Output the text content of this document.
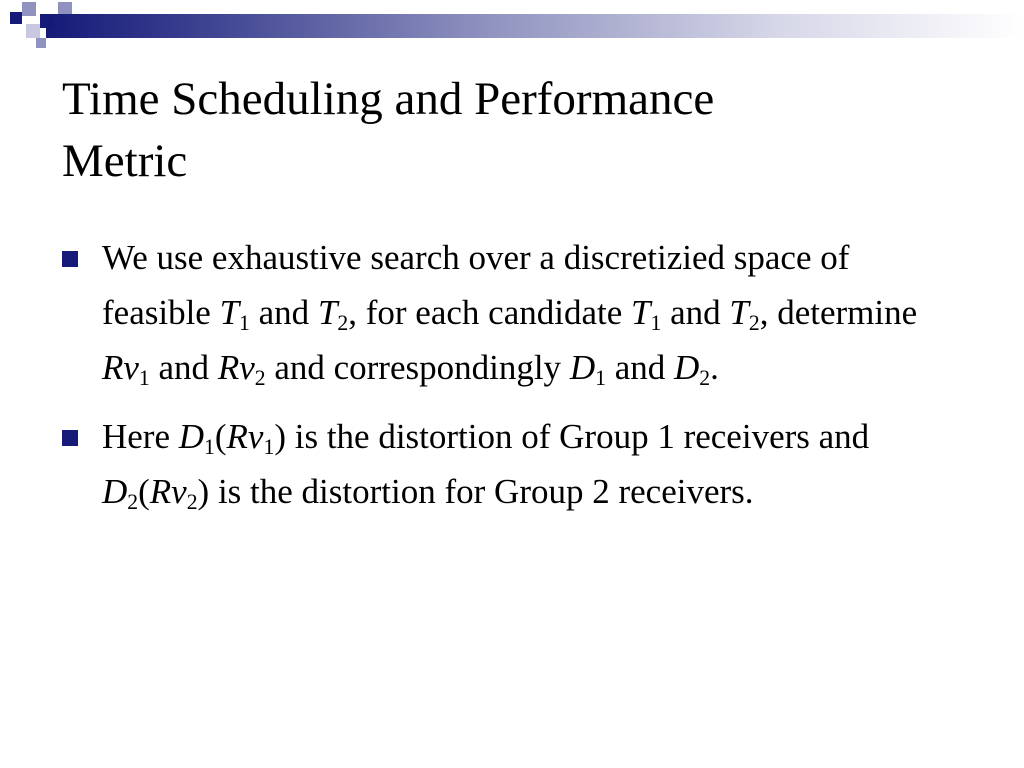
Time Scheduling and Performance
Metric
We use exhaustive search over a discretizied space of feasible $T_1$ and $T_2$, for each candidate $T_1$ and $T_2$, determine $Rv_1$ and $Rv_2$ and correspondingly $D_1$ and $D_2$.
Here $D_1(Rv_1)$ is the distortion of Group 1 receivers and $D_2(Rv_2)$ is the distortion for Group 2 receivers.
